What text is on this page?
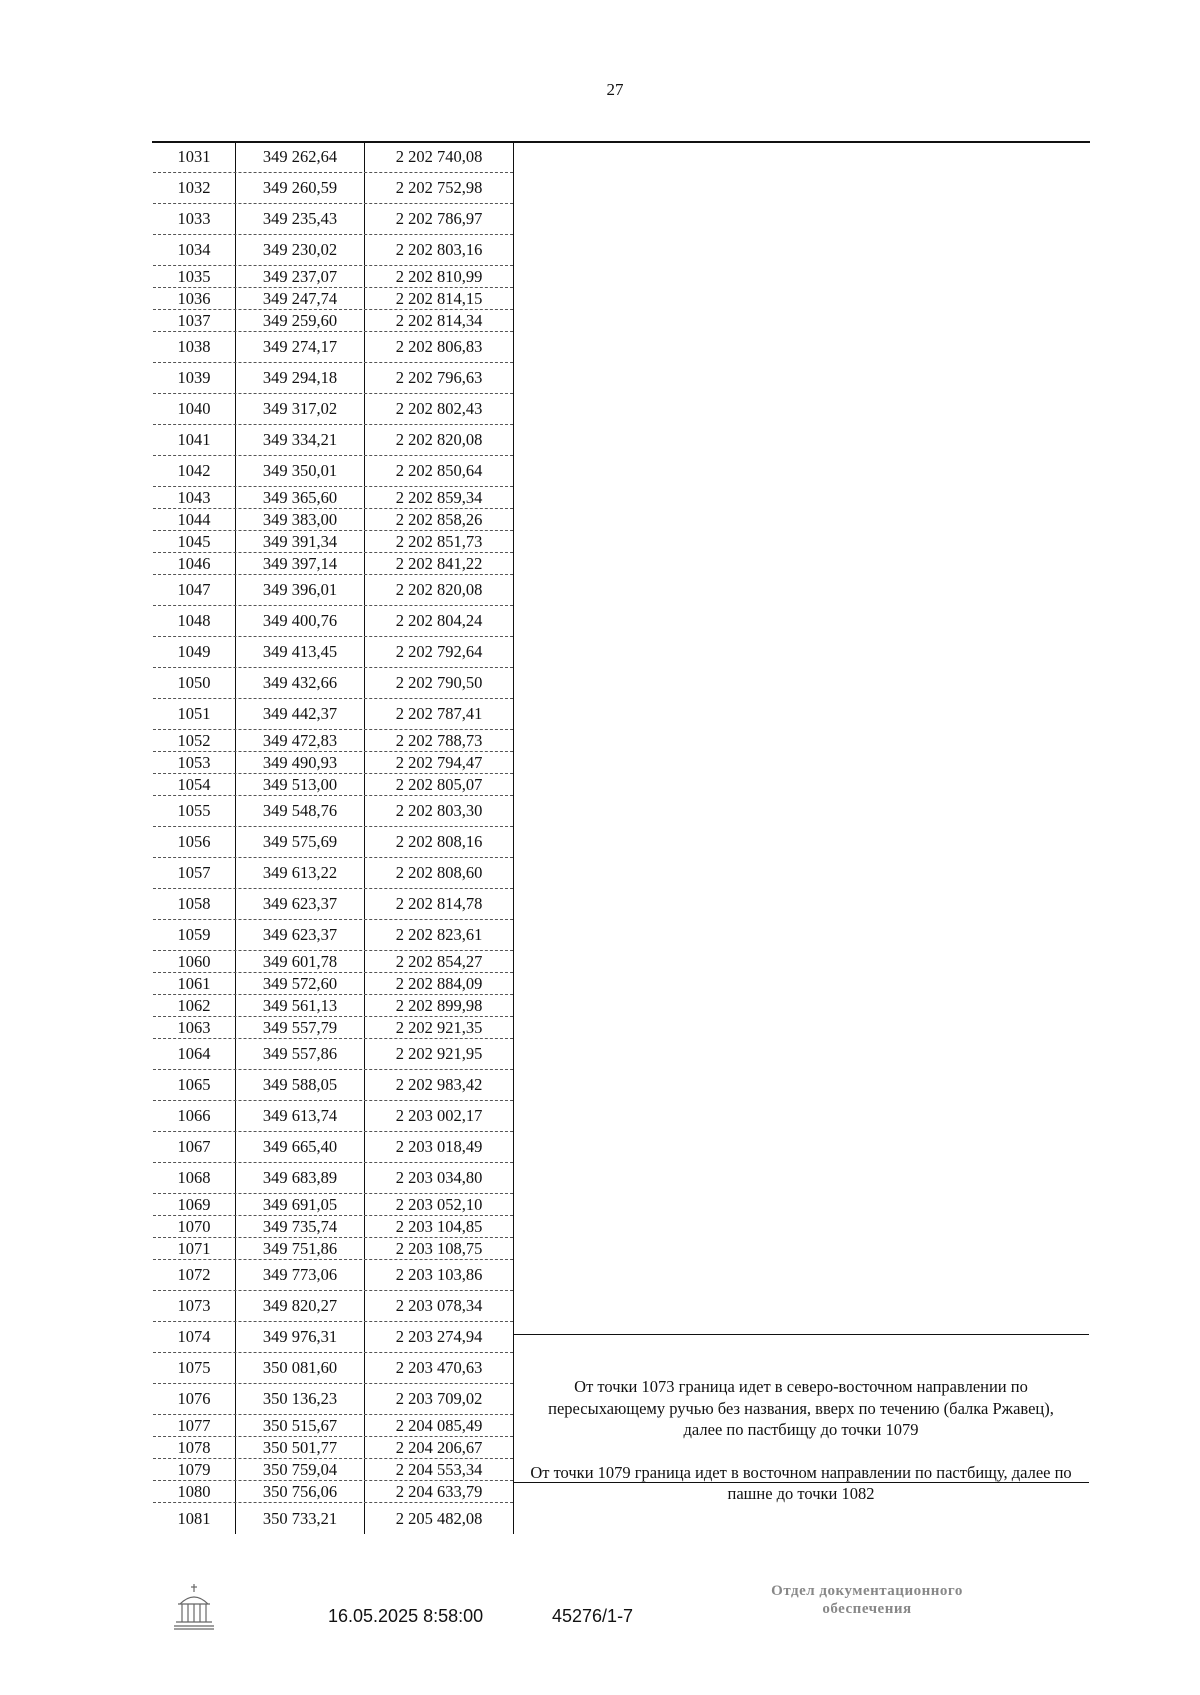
27
1031	349 262,64	2 202 740,08
1032	349 260,59	2 202 752,98
1033	349 235,43	2 202 786,97
1034	349 230,02	2 202 803,16
1035	349 237,07	2 202 810,99
1036	349 247,74	2 202 814,15
1037	349 259,60	2 202 814,34
1038	349 274,17	2 202 806,83
1039	349 294,18	2 202 796,63
1040	349 317,02	2 202 802,43
1041	349 334,21	2 202 820,08
1042	349 350,01	2 202 850,64
1043	349 365,60	2 202 859,34
1044	349 383,00	2 202 858,26
1045	349 391,34	2 202 851,73
1046	349 397,14	2 202 841,22
1047	349 396,01	2 202 820,08
1048	349 400,76	2 202 804,24
1049	349 413,45	2 202 792,64
1050	349 432,66	2 202 790,50
1051	349 442,37	2 202 787,41
1052	349 472,83	2 202 788,73
1053	349 490,93	2 202 794,47
1054	349 513,00	2 202 805,07
1055	349 548,76	2 202 803,30
1056	349 575,69	2 202 808,16
1057	349 613,22	2 202 808,60
1058	349 623,37	2 202 814,78
1059	349 623,37	2 202 823,61
1060	349 601,78	2 202 854,27
1061	349 572,60	2 202 884,09
1062	349 561,13	2 202 899,98
1063	349 557,79	2 202 921,35
1064	349 557,86	2 202 921,95
1065	349 588,05	2 202 983,42
1066	349 613,74	2 203 002,17
1067	349 665,40	2 203 018,49
1068	349 683,89	2 203 034,80
1069	349 691,05	2 203 052,10
1070	349 735,74	2 203 104,85
1071	349 751,86	2 203 108,75
1072	349 773,06	2 203 103,86
1073	349 820,27	2 203 078,34
1074	349 976,31	2 203 274,94
1075	350 081,60	2 203 470,63
1076	350 136,23	2 203 709,02
1077	350 515,67	2 204 085,49
1078	350 501,77	2 204 206,67
1079	350 759,04	2 204 553,34
1080	350 756,06	2 204 633,79
1081	350 733,21	2 205 482,08
От точки 1073 граница идет в северо-восточном направлении по пересыхающему ручью без названия, вверх по течению (балка Ржавец), далее по пастбищу до точки 1079
От точки 1079 граница идет в восточном направлении по пастбищу, далее по пашне до точки 1082
16.05.2025 8:58:00	45276/1-7
Отдел документационного
обеспечения
